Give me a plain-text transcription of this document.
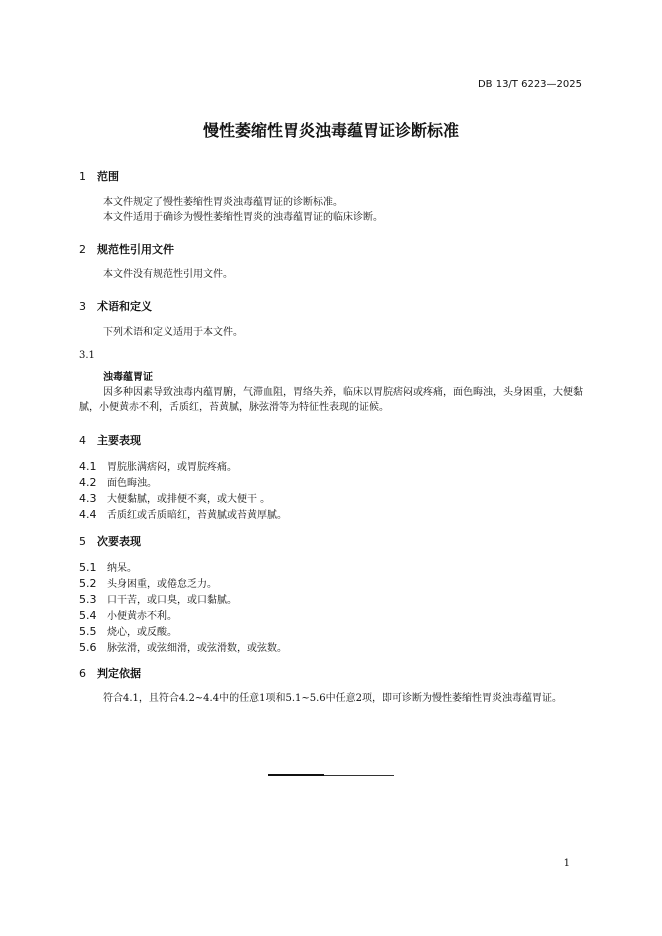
DB 13/T 6223—2025
慢性萎缩性胃炎浊毒蕴胃证诊断标准
1 范围
本文件规定了慢性萎缩性胃炎浊毒蕴胃证的诊断标准。
本文件适用于确诊为慢性萎缩性胃炎的浊毒蕴胃证的临床诊断。
2 规范性引用文件
本文件没有规范性引用文件。
3 术语和定义
下列术语和定义适用于本文件。
3.1
浊毒蕴胃证
因多种因素导致浊毒内蕴胃腑，气滞血阻，胃络失养，临床以胃脘痞闷或疼痛，面色晦浊，头身困重，大便黏腻，小便黄赤不利，舌质红，苔黄腻，脉弦滑等为特征性表现的证候。
4 主要表现
4.1 胃脘胀满痞闷，或胃脘疼痛。
4.2 面色晦浊。
4.3 大便黏腻，或排便不爽，或大便干 。
4.4 舌质红或舌质暗红，苔黄腻或苔黄厚腻。
5 次要表现
5.1 纳呆。
5.2 头身困重，或倦怠乏力。
5.3 口干苦，或口臭，或口黏腻。
5.4 小便黄赤不利。
5.5 烧心，或反酸。
5.6 脉弦滑，或弦细滑，或弦滑数，或弦数。
6 判定依据
符合4.1，且符合4.2~4.4中的任意1项和5.1~5.6中任意2项，即可诊断为慢性萎缩性胃炎浊毒蕴胃证。
1
